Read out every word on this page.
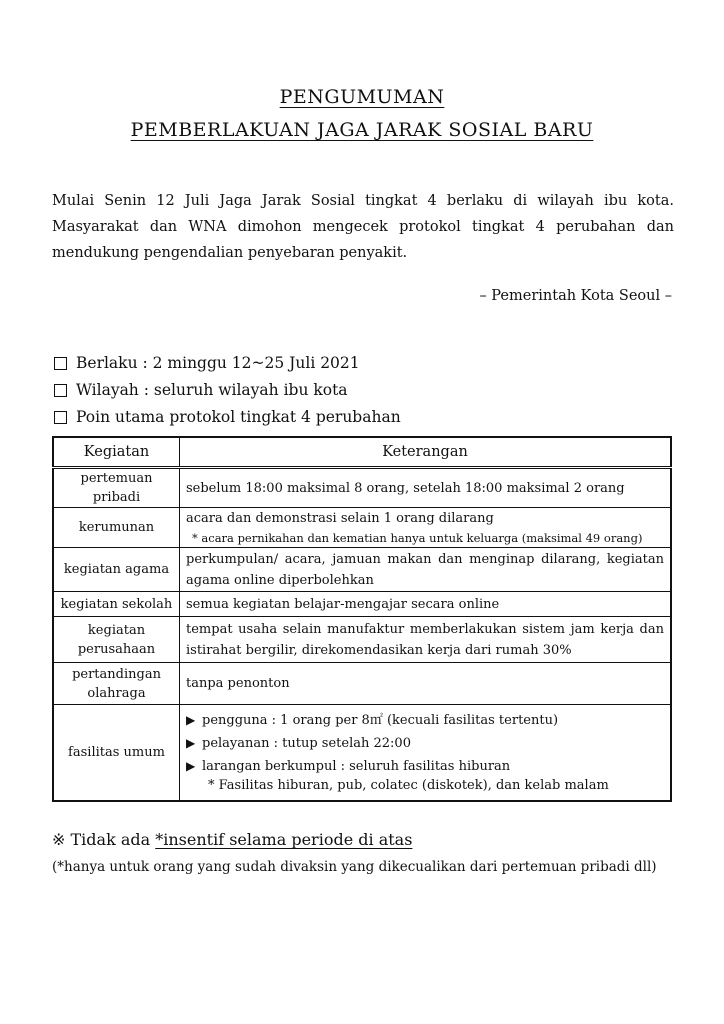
PENGUMUMAN
PEMBERLAKUAN JAGA JARAK SOSIAL BARU
Mulai Senin 12 Juli Jaga Jarak Sosial tingkat 4 berlaku di wilayah ibu kota. Masyarakat dan WNA dimohon mengecek protokol tingkat 4 perubahan dan mendukung pengendalian penyebaran penyakit.
– Pemerintah Kota Seoul –
Berlaku : 2 minggu 12~25 Juli 2021
Wilayah : seluruh wilayah ibu kota
Poin utama protokol tingkat 4 perubahan
Kegiatan	Keterangan
pertemuan pribadi	sebelum 18:00 maksimal 8 orang, setelah 18:00 maksimal 2 orang
kerumunan	acara dan demonstrasi selain 1 orang dilarang
* acara pernikahan dan kematian hanya untuk keluarga (maksimal 49 orang)

kegiatan agama	perkumpulan/ acara, jamuan makan dan menginap dilarang, kegiatan agama online diperbolehkan
kegiatan sekolah	semua kegiatan belajar-mengajar secara online
kegiatan perusahaan	tempat usaha selain manufaktur memberlakukan sistem jam kerja dan istirahat bergilir, direkomendasikan kerja dari rumah 30%
pertandingan olahraga	tanpa penonton
fasilitas umum	▶ pengguna : 1 orang per 8㎡ (kecuali fasilitas tertentu)
▶ pelayanan : tutup setelah 22:00
▶ larangan berkumpul : seluruh fasilitas hiburan
* Fasilitas hiburan, pub, colatec (diskotek), dan kelab malam
※ Tidak ada *insentif selama periode di atas
(*hanya untuk orang yang sudah divaksin yang dikecualikan dari pertemuan pribadi dll)
